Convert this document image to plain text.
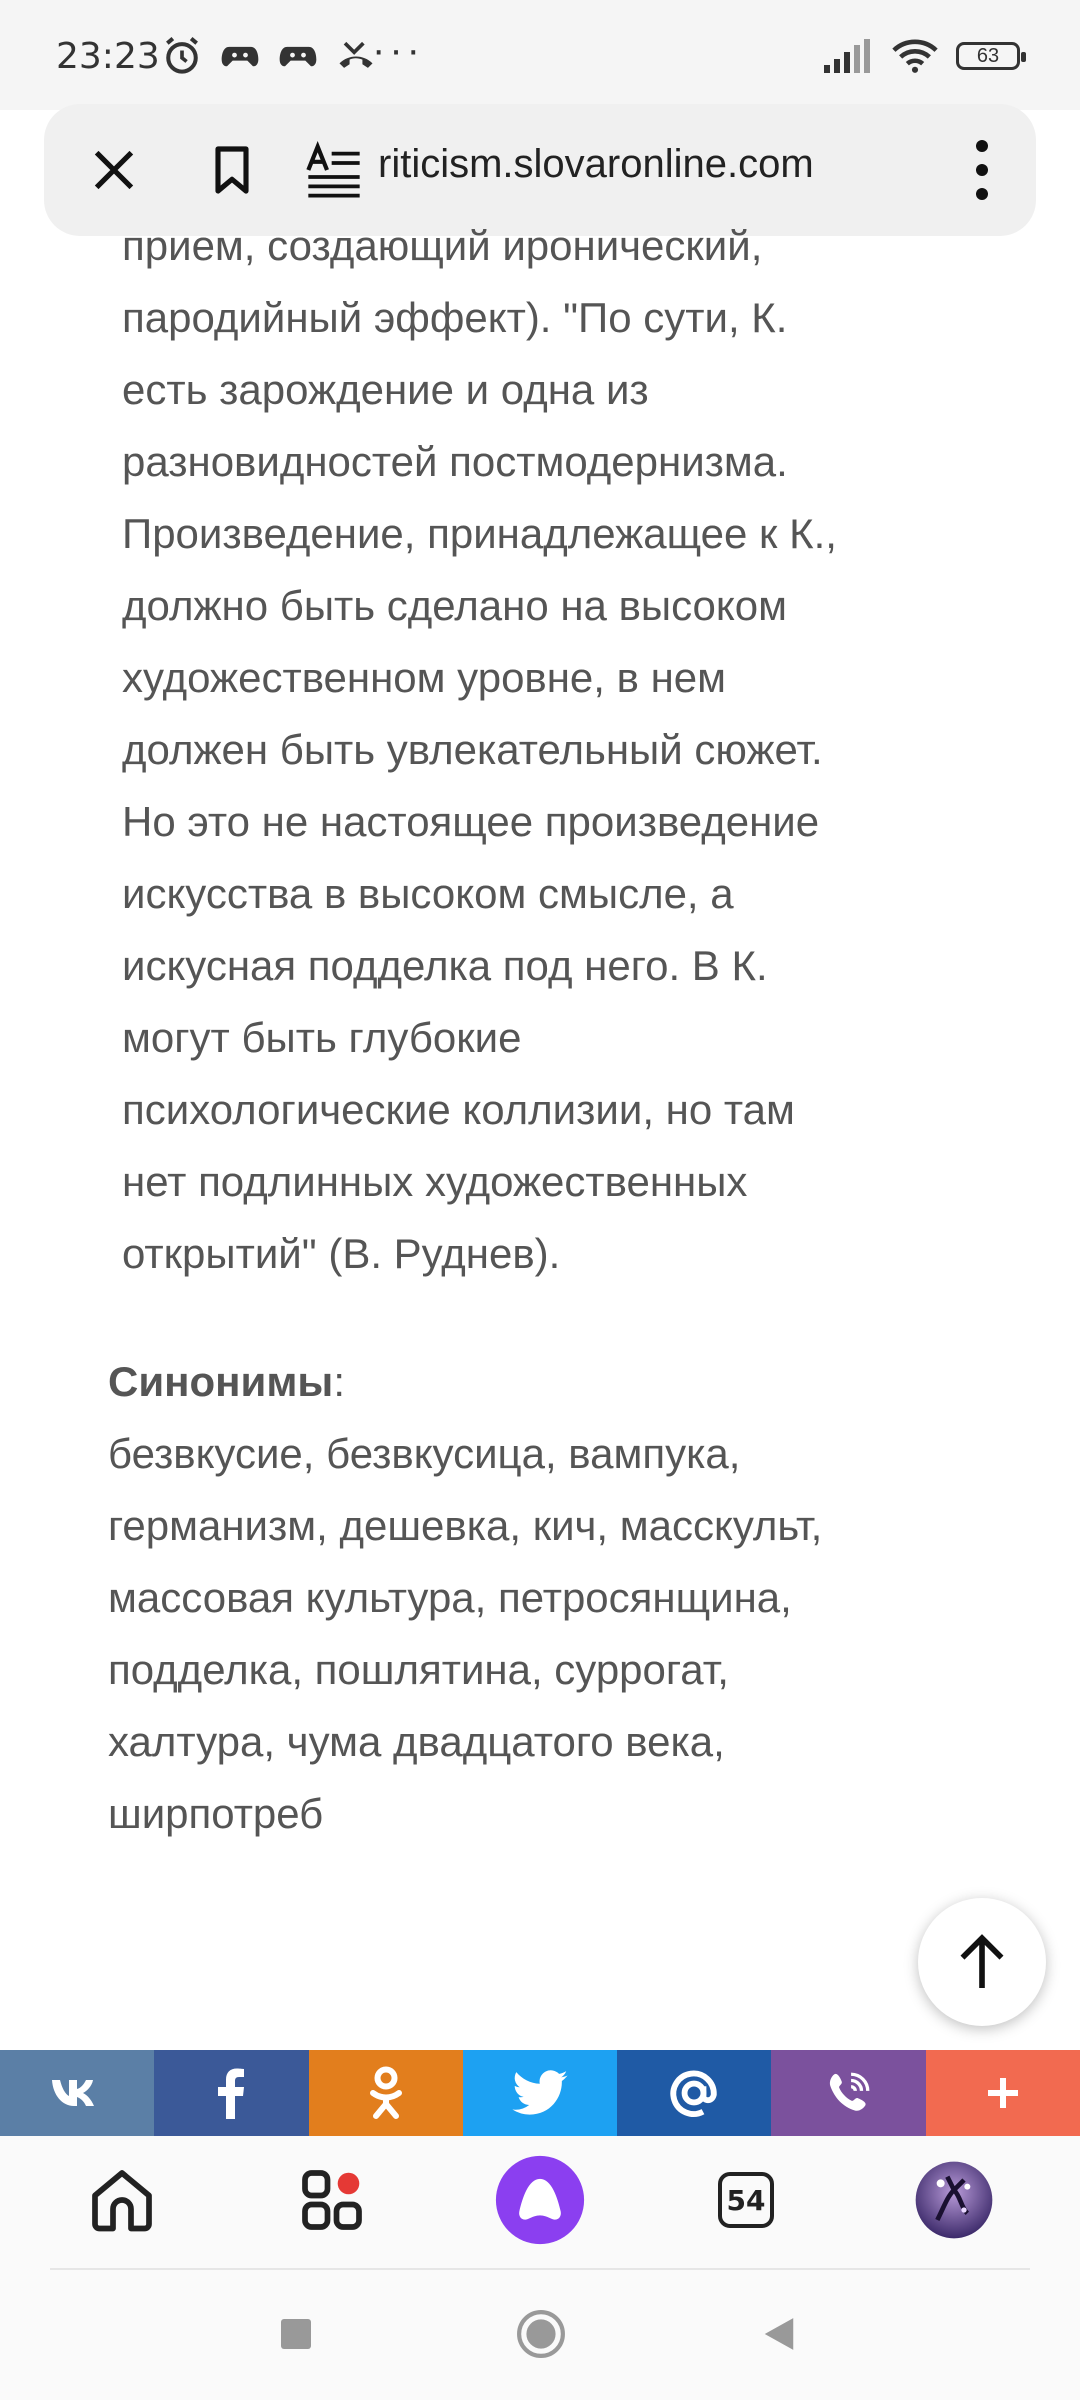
23:23	···	63
riticism.slovaronline.com
прием, создающий иронический,
пародийный эффект). "По сути, К.
есть зарождение и одна из
разновидностей постмодернизма.
Произведение, принадлежащее к К.,
должно быть сделано на высоком
художественном уровне, в нем
должен быть увлекательный сюжет.
Но это не настоящее произведение
искусства в высоком смысле, а
искусная подделка под него. В К.
могут быть глубокие
психологические коллизии, но там
нет подлинных художественных
открытий" (В. Руднев).
Синонимы:
безвкусие, безвкусица, вампука,
германизм, дешевка, кич, масскульт,
массовая культура, петросянщина,
подделка, пошлятина, суррогат,
халтура, чума двадцатого века,
ширпотреб
54
